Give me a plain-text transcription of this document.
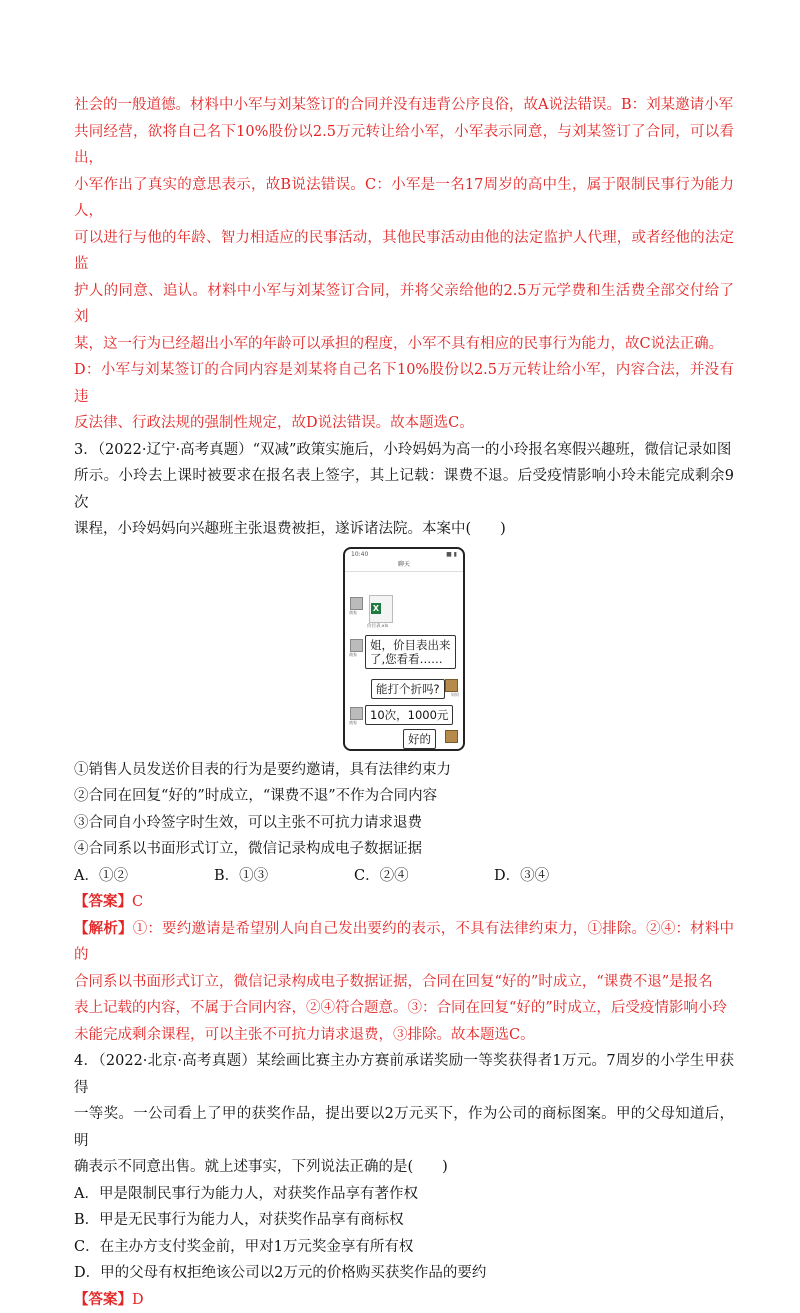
社会的一般道德。材料中小军与刘某签订的合同并没有违背公序良俗，故A说法错误。B：刘某邀请小军

共同经营，欲将自己名下10%股份以2.5万元转让给小军，小军表示同意，与刘某签订了合同，可以看出，

小军作出了真实的意思表示，故B说法错误。C：小军是一名17周岁的高中生，属于限制民事行为能力人，

可以进行与他的年龄、智力相适应的民事活动，其他民事活动由他的法定监护人代理，或者经他的法定监

护人的同意、追认。材料中小军与刘某签订合同，并将父亲给他的2.5万元学费和生活费全部交付给了刘

某，这一行为已经超出小军的年龄可以承担的程度，小军不具有相应的民事行为能力，故C说法正确。

D：小军与刘某签订的合同内容是刘某将自己名下10%股份以2.5万元转让给小军，内容合法，并没有违

反法律、行政法规的强制性规定，故D说法错误。故本题选C。

3．（2022·辽宁·高考真题）“双减”政策实施后，小玲妈妈为高一的小玲报名寒假兴趣班，微信记录如图

所示。小玲去上课时被要求在报名表上签字，其上记载：课费不退。后受疫情影响小玲未能完成剩余9次

课程，小玲妈妈向兴趣班主张退费被拒，遂诉诸法院。本案中(　　)

10:40	■ ▮
聊天
商家 X
价目表.xls
商家
姐，价目表出来
了,您看看……
能打个折吗?	妈妈
商家
10次，1000元
好的

①销售人员发送价目表的行为是要约邀请，具有法律约束力

②合同在回复“好的”时成立，“课费不退”不作为合同内容

③合同自小玲签字时生效，可以主张不可抗力请求退费

④合同系以书面形式订立，微信记录构成电子数据证据

A．①②	B．①③	C．②④	D．③④

【答案】C

【解析】①：要约邀请是希望别人向自己发出要约的表示，不具有法律约束力，①排除。②④：材料中的

合同系以书面形式订立，微信记录构成电子数据证据，合同在回复“好的”时成立，“课费不退”是报名

表上记载的内容，不属于合同内容，②④符合题意。③：合同在回复“好的”时成立，后受疫情影响小玲

未能完成剩余课程，可以主张不可抗力请求退费，③排除。故本题选C。

4．（2022·北京·高考真题）某绘画比赛主办方赛前承诺奖励一等奖获得者1万元。7周岁的小学生甲获得

一等奖。一公司看上了甲的获奖作品，提出要以2万元买下，作为公司的商标图案。甲的父母知道后，明

确表示不同意出售。就上述事实，下列说法正确的是(　　)

A．甲是限制民事行为能力人，对获奖作品享有著作权

B．甲是无民事行为能力人，对获奖作品享有商标权

C．在主办方支付奖金前，甲对1万元奖金享有所有权

D．甲的父母有权拒绝该公司以2万元的价格购买获奖作品的要约

【答案】D
